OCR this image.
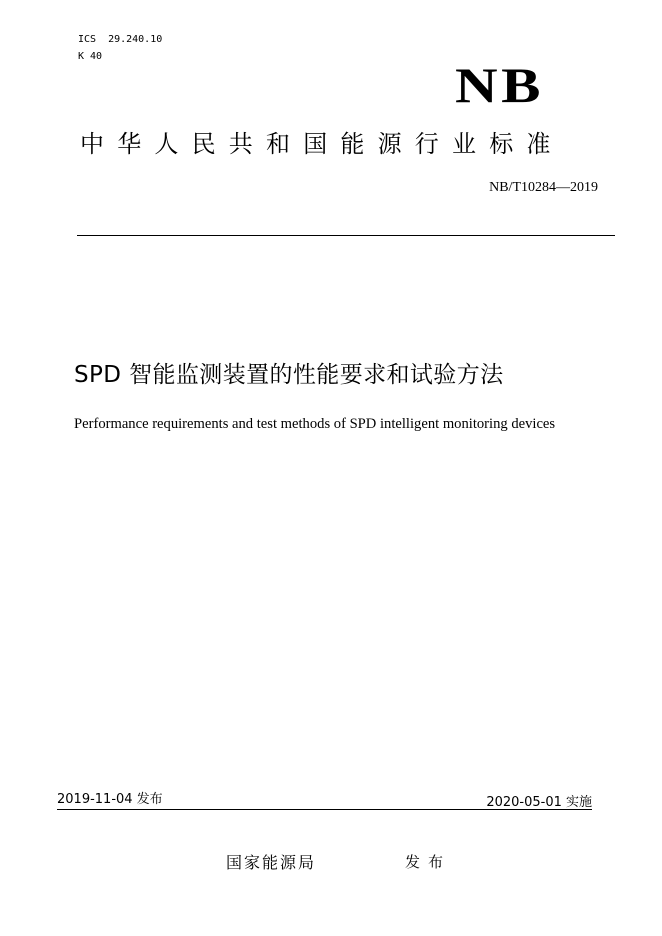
ICS 29.240.10
K 40
NB
中华人民共和国能源行业标准
NB/T10284—2019
SPD 智能监测装置的性能要求和试验方法
Performance requirements and test methods of SPD intelligent monitoring devices
2019-11-04 发布	2020-05-01 实施
国家能源局	发布
